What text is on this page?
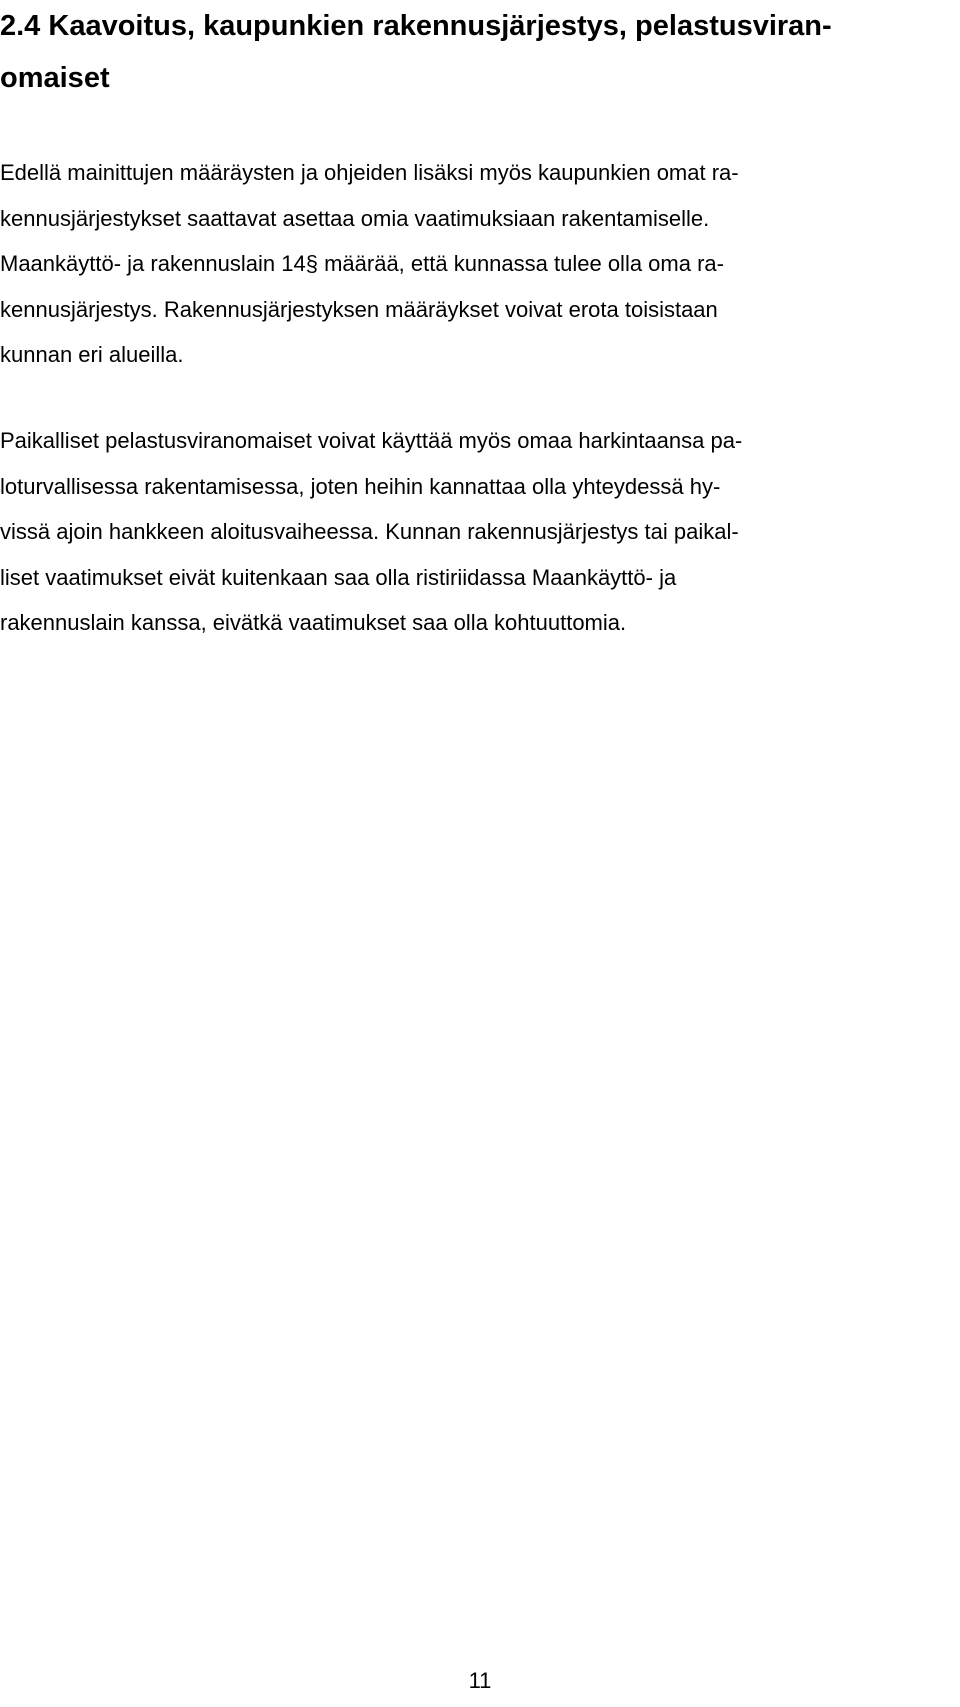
2.4 Kaavoitus, kaupunkien rakennusjärjestys, pelastusviran-
omaiset

Edellä mainittujen määräysten ja ohjeiden lisäksi myös kaupunkien omat ra-
kennusjärjestykset saattavat asettaa omia vaatimuksiaan rakentamiselle.
Maankäyttö- ja rakennuslain 14§ määrää, että kunnassa tulee olla oma ra-
kennusjärjestys. Rakennusjärjestyksen määräykset voivat erota toisistaan
kunnan eri alueilla.

Paikalliset pelastusviranomaiset voivat käyttää myös omaa harkintaansa pa-
loturvallisessa rakentamisessa, joten heihin kannattaa olla yhteydessä hy-
vissä ajoin hankkeen aloitusvaiheessa. Kunnan rakennusjärjestys tai paikal-
liset vaatimukset eivät kuitenkaan saa olla ristiriidassa Maankäyttö- ja
rakennuslain kanssa, eivätkä vaatimukset saa olla kohtuuttomia.

11
